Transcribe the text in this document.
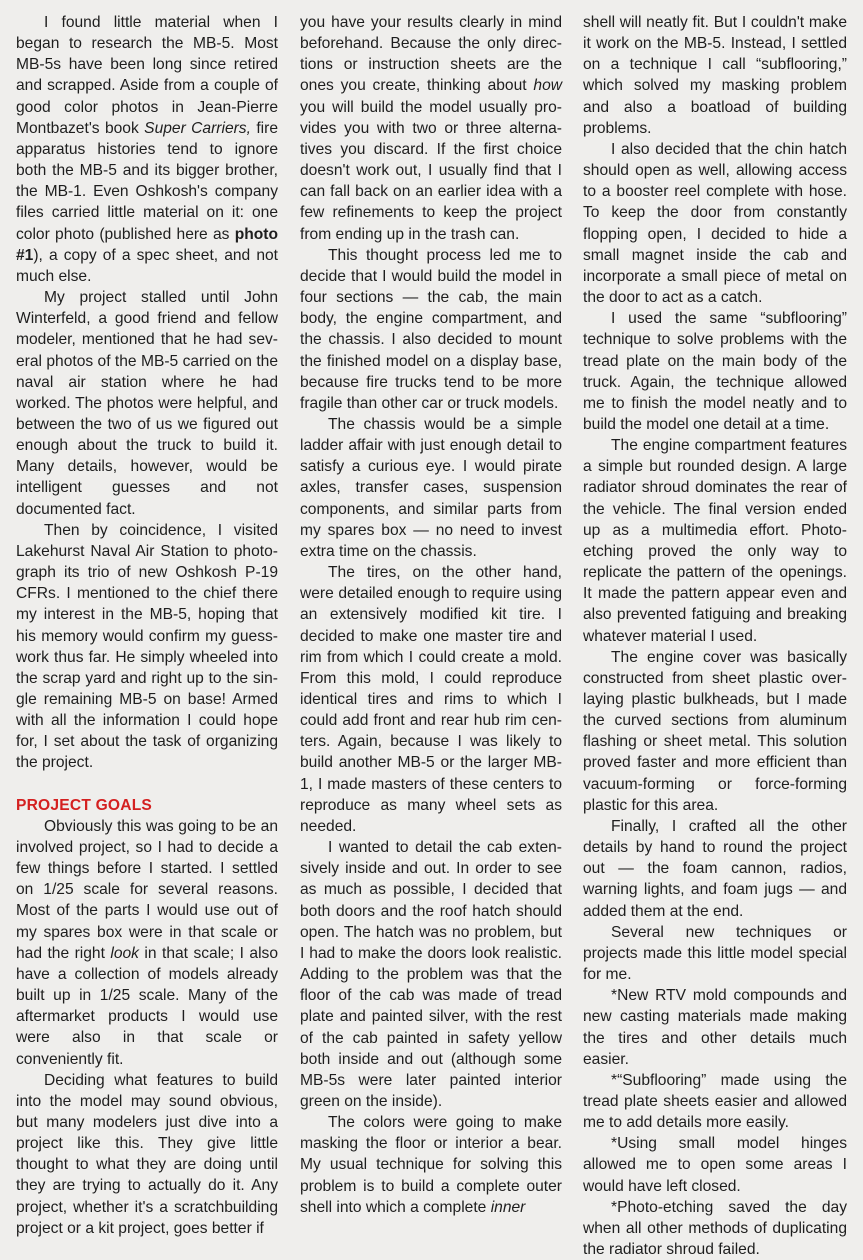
I found little material when I began to research the MB-5. Most MB-5s have been long since retired and scrapped. Aside from a couple of good color photos in Jean-Pierre Montbazet's book Super Carriers, fire apparatus histories tend to ignore both the MB-5 and its bigger brother, the MB-1. Even Oshkosh's company files carried little material on it: one color photo (published here as photo #1), a copy of a spec sheet, and not much else.

My project stalled until John Winterfeld, a good friend and fellow modeler, mentioned that he had several photos of the MB-5 carried on the naval air station where he had worked. The photos were helpful, and between the two of us we figured out enough about the truck to build it. Many details, however, would be intelligent guesses and not documented fact.

Then by coincidence, I visited Lakehurst Naval Air Station to photograph its trio of new Oshkosh P-19 CFRs. I mentioned to the chief there my interest in the MB-5, hoping that his memory would confirm my guesswork thus far. He simply wheeled into the scrap yard and right up to the single remaining MB-5 on base! Armed with all the information I could hope for, I set about the task of organizing the project.

PROJECT GOALS

Obviously this was going to be an involved project, so I had to decide a few things before I started. I settled on 1/25 scale for several reasons. Most of the parts I would use out of my spares box were in that scale or had the right look in that scale; I also have a collection of models already built up in 1/25 scale. Many of the aftermarket products I would use were also in that scale or conveniently fit.

Deciding what features to build into the model may sound obvious, but many modelers just dive into a project like this. They give little thought to what they are doing until they are trying to actually do it. Any project, whether it's a scratchbuilding project or a kit project, goes better if

you have your results clearly in mind beforehand. Because the only directions or instruction sheets are the ones you create, thinking about how you will build the model usually provides you with two or three alternatives you discard. If the first choice doesn't work out, I usually find that I can fall back on an earlier idea with a few refinements to keep the project from ending up in the trash can.

This thought process led me to decide that I would build the model in four sections — the cab, the main body, the engine compartment, and the chassis. I also decided to mount the finished model on a display base, because fire trucks tend to be more fragile than other car or truck models.

The chassis would be a simple ladder affair with just enough detail to satisfy a curious eye. I would pirate axles, transfer cases, suspension components, and similar parts from my spares box — no need to invest extra time on the chassis.

The tires, on the other hand, were detailed enough to require using an extensively modified kit tire. I decided to make one master tire and rim from which I could create a mold. From this mold, I could reproduce identical tires and rims to which I could add front and rear hub rim centers. Again, because I was likely to build another MB-5 or the larger MB-1, I made masters of these centers to reproduce as many wheel sets as needed.

I wanted to detail the cab extensively inside and out. In order to see as much as possible, I decided that both doors and the roof hatch should open. The hatch was no problem, but I had to make the doors look realistic. Adding to the problem was that the floor of the cab was made of tread plate and painted silver, with the rest of the cab painted in safety yellow both inside and out (although some MB-5s were later painted interior green on the inside).

The colors were going to make masking the floor or interior a bear. My usual technique for solving this problem is to build a complete outer shell into which a complete inner

shell will neatly fit. But I couldn't make it work on the MB-5. Instead, I settled on a technique I call “subflooring,” which solved my masking problem and also a boatload of building problems.

I also decided that the chin hatch should open as well, allowing access to a booster reel complete with hose. To keep the door from constantly flopping open, I decided to hide a small magnet inside the cab and incorporate a small piece of metal on the door to act as a catch.

I used the same “subflooring” technique to solve problems with the tread plate on the main body of the truck. Again, the technique allowed me to finish the model neatly and to build the model one detail at a time.

The engine compartment features a simple but rounded design. A large radiator shroud dominates the rear of the vehicle. The final version ended up as a multimedia effort. Photo-etching proved the only way to replicate the pattern of the openings. It made the pattern appear even and also prevented fatiguing and breaking whatever material I used.

The engine cover was basically constructed from sheet plastic overlaying plastic bulkheads, but I made the curved sections from aluminum flashing or sheet metal. This solution proved faster and more efficient than vacuum-forming or force-forming plastic for this area.

Finally, I crafted all the other details by hand to round the project out — the foam cannon, radios, warning lights, and foam jugs — and added them at the end.

Several new techniques or projects made this little model special for me.

*New RTV mold compounds and new casting materials made making the tires and other details much easier.

*“Subflooring” made using the tread plate sheets easier and allowed me to add details more easily.

*Using small model hinges allowed me to open some areas I would have left closed.

*Photo-etching saved the day when all other methods of duplicating the radiator shroud failed.
